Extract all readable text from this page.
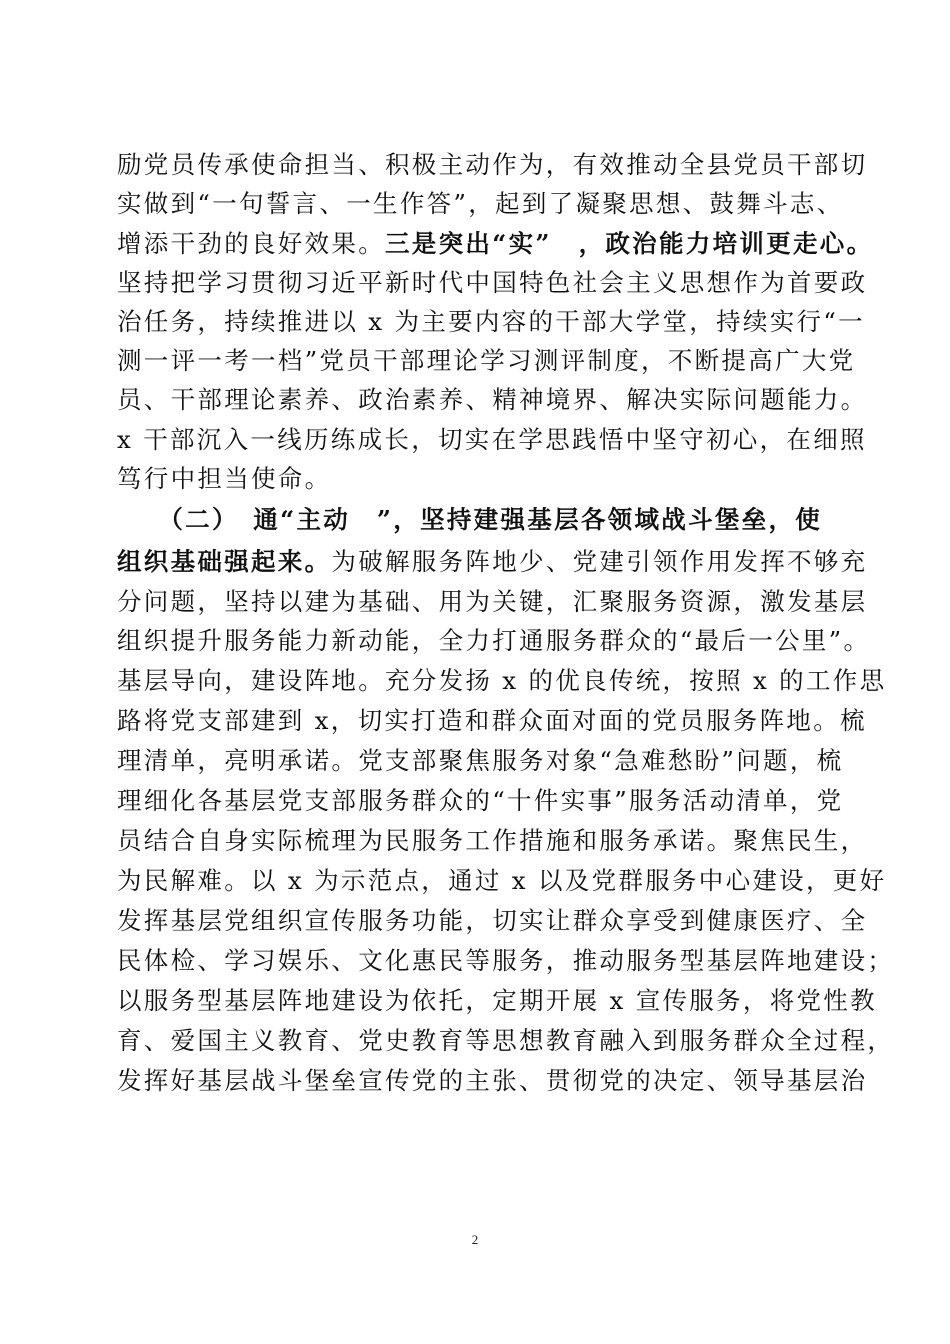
励党员传承使命担当、积极主动作为，有效推动全县党员干部切
实做到“一句誓言、一生作答”，起到了凝聚思想、鼓舞斗志、
增添干劲的良好效果。三是突出“实”　，政治能力培训更走心。
坚持把学习贯彻习近平新时代中国特色社会主义思想作为首要政
治任务，持续推进以 x 为主要内容的干部大学堂，持续实行“一
测一评一考一档”党员干部理论学习测评制度，不断提高广大党
员、干部理论素养、政治素养、精神境界、解决实际问题能力。
x 干部沉入一线历练成长，切实在学思践悟中坚守初心，在细照
笃行中担当使命。
　　（二）　通“主动　”，坚持建强基层各领域战斗堡垒，使
组织基础强起来。为破解服务阵地少、党建引领作用发挥不够充
分问题，坚持以建为基础、用为关键，汇聚服务资源，激发基层
组织提升服务能力新动能，全力打通服务群众的“最后一公里”。
基层导向，建设阵地。充分发扬 x 的优良传统，按照 x 的工作思
路将党支部建到 x，切实打造和群众面对面的党员服务阵地。梳
理清单，亮明承诺。党支部聚焦服务对象“急难愁盼”问题，梳
理细化各基层党支部服务群众的“十件实事”服务活动清单，党
员结合自身实际梳理为民服务工作措施和服务承诺。聚焦民生，
为民解难。以 x 为示范点，通过 x 以及党群服务中心建设，更好
发挥基层党组织宣传服务功能，切实让群众享受到健康医疗、全
民体检、学习娱乐、文化惠民等服务，推动服务型基层阵地建设；
以服务型基层阵地建设为依托，定期开展 x 宣传服务，将党性教
育、爱国主义教育、党史教育等思想教育融入到服务群众全过程，
发挥好基层战斗堡垒宣传党的主张、贯彻党的决定、领导基层治
2
